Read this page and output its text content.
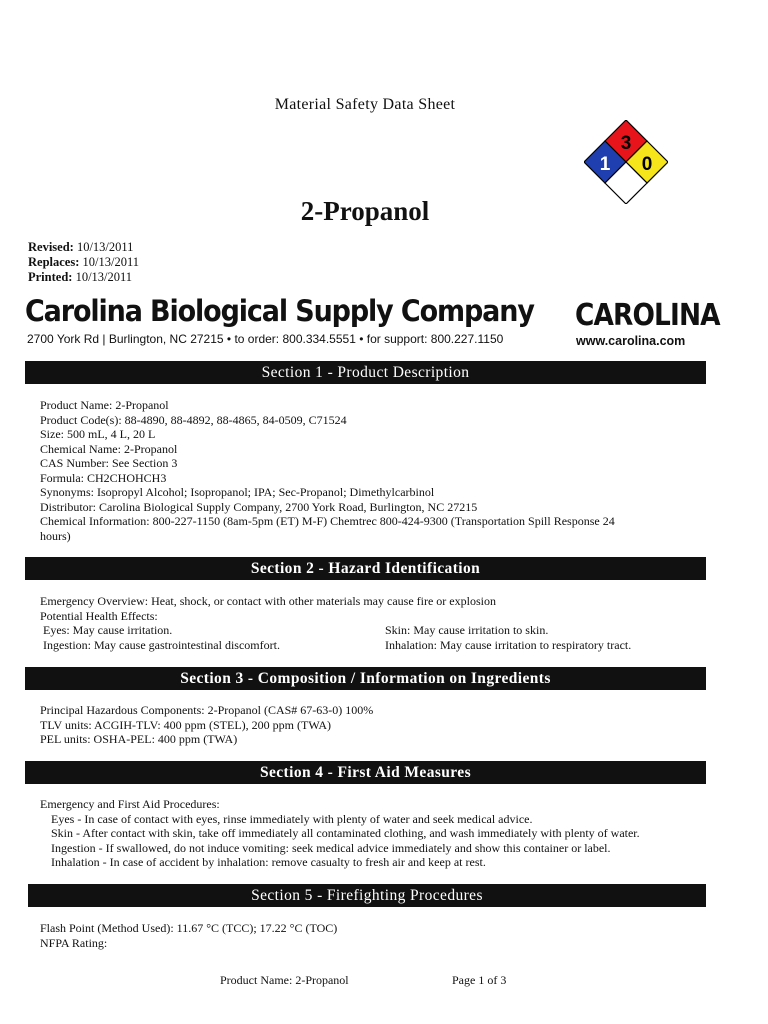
Material Safety Data Sheet
3
1 0
2-Propanol
Revised: 10/13/2011
Replaces: 10/13/2011
Printed: 10/13/2011
Carolina Biological Supply Company
2700 York Rd | Burlington, NC 27215 • to order: 800.334.5551 • for support: 800.227.1150
CAROLINA
www.carolina.com
Section 1 - Product Description
Product Name: 2-Propanol
Product Code(s): 88-4890, 88-4892, 88-4865, 84-0509, C71524
Size: 500 mL, 4 L, 20 L
Chemical Name: 2-Propanol
CAS Number: See Section 3
Formula: CH2CHOHCH3
Synonyms: Isopropyl Alcohol; Isopropanol; IPA; Sec-Propanol; Dimethylcarbinol
Distributor: Carolina Biological Supply Company, 2700 York Road, Burlington, NC 27215
Chemical Information: 800-227-1150 (8am-5pm (ET) M-F) Chemtrec 800-424-9300 (Transportation Spill Response 24
hours)
Section 2 - Hazard Identification
Emergency Overview: Heat, shock, or contact with other materials may cause fire or explosion
Potential Health Effects:
Eyes: May cause irritation.	Skin: May cause irritation to skin.
Ingestion: May cause gastrointestinal discomfort.	Inhalation: May cause irritation to respiratory tract.
Section 3 - Composition / Information on Ingredients
Principal Hazardous Components: 2-Propanol (CAS# 67-63-0) 100%
TLV units: ACGIH-TLV: 400 ppm (STEL), 200 ppm (TWA)
PEL units: OSHA-PEL: 400 ppm (TWA)
Section 4 - First Aid Measures
Emergency and First Aid Procedures:
Eyes - In case of contact with eyes, rinse immediately with plenty of water and seek medical advice.
Skin - After contact with skin, take off immediately all contaminated clothing, and wash immediately with plenty of water.
Ingestion - If swallowed, do not induce vomiting: seek medical advice immediately and show this container or label.
Inhalation - In case of accident by inhalation: remove casualty to fresh air and keep at rest.
Section 5 - Firefighting Procedures
Flash Point (Method Used): 11.67 °C (TCC); 17.22 °C (TOC)
NFPA Rating:
Product Name: 2-Propanol	Page 1 of 3
